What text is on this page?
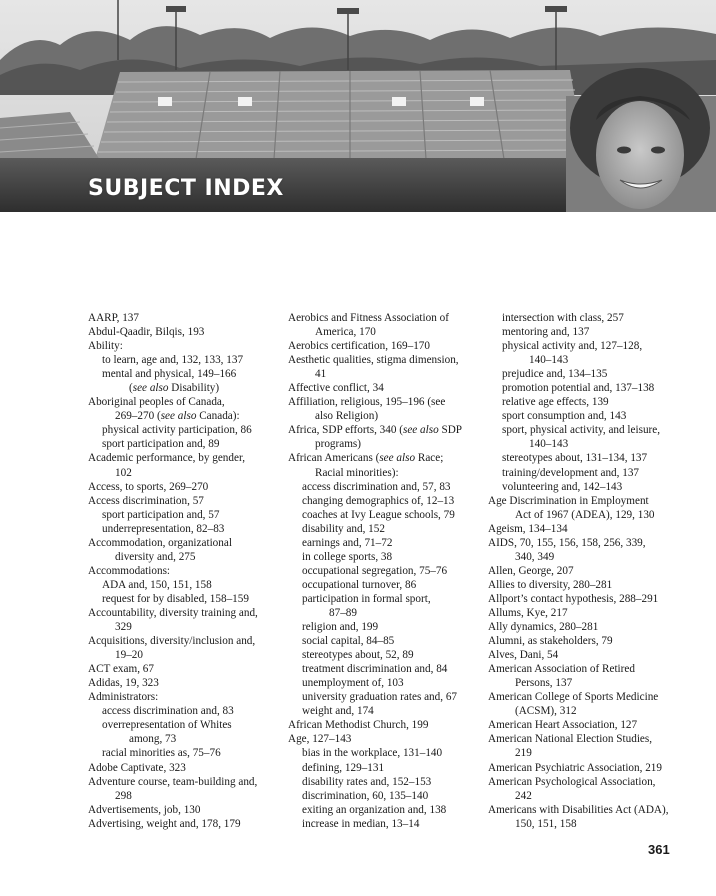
SUBJECT INDEX

AARP, 137

Abdul-Qaadir, Bilqis, 193

Ability:

to learn, age and, 132, 133, 137

mental and physical, 149–166
(see also Disability)

Aboriginal peoples of Canada,
269–270 (see also Canada):

physical activity participation, 86

sport participation and, 89

Academic performance, by gender,
102

Access, to sports, 269–270

Access discrimination, 57

sport participation and, 57

underrepresentation, 82–83

Accommodation, organizational
diversity and, 275

Accommodations:

ADA and, 150, 151, 158

request for by disabled, 158–159

Accountability, diversity training and,
329

Acquisitions, diversity/inclusion and,
19–20

ACT exam, 67

Adidas, 19, 323

Administrators:

access discrimination and, 83

overrepresentation of Whites
among, 73

racial minorities as, 75–76

Adobe Captivate, 323

Adventure course, team-building and,
298

Advertisements, job, 130

Advertising, weight and, 178, 179

Aerobics and Fitness Association of
America, 170

Aerobics certification, 169–170

Aesthetic qualities, stigma dimension,
41

Affective conflict, 34

Affiliation, religious, 195–196 (see
also Religion)

Africa, SDP efforts, 340 (see also SDP
programs)

African Americans (see also Race;
Racial minorities):

access discrimination and, 57, 83

changing demographics of, 12–13

coaches at Ivy League schools, 79

disability and, 152

earnings and, 71–72

in college sports, 38

occupational segregation, 75–76

occupational turnover, 86

participation in formal sport,
87–89

religion and, 199

social capital, 84–85

stereotypes about, 52, 89

treatment discrimination and, 84

unemployment of, 103

university graduation rates and, 67

weight and, 174

African Methodist Church, 199

Age, 127–143

bias in the workplace, 131–140

defining, 129–131

disability rates and, 152–153

discrimination, 60, 135–140

exiting an organization and, 138

increase in median, 13–14

intersection with class, 257

mentoring and, 137

physical activity and, 127–128,
140–143

prejudice and, 134–135

promotion potential and, 137–138

relative age effects, 139

sport consumption and, 143

sport, physical activity, and leisure,
140–143

stereotypes about, 131–134, 137

training/development and, 137

volunteering and, 142–143

Age Discrimination in Employment
Act of 1967 (ADEA), 129, 130

Ageism, 134–134

AIDS, 70, 155, 156, 158, 256, 339,
340, 349

Allen, George, 207

Allies to diversity, 280–281

Allport’s contact hypothesis, 288–291

Allums, Kye, 217

Ally dynamics, 280–281

Alumni, as stakeholders, 79

Alves, Dani, 54

American Association of Retired
Persons, 137

American College of Sports Medicine
(ACSM), 312

American Heart Association, 127

American National Election Studies,
219

American Psychiatric Association, 219

American Psychological Association,
242

Americans with Disabilities Act (ADA),
150, 151, 158

361
